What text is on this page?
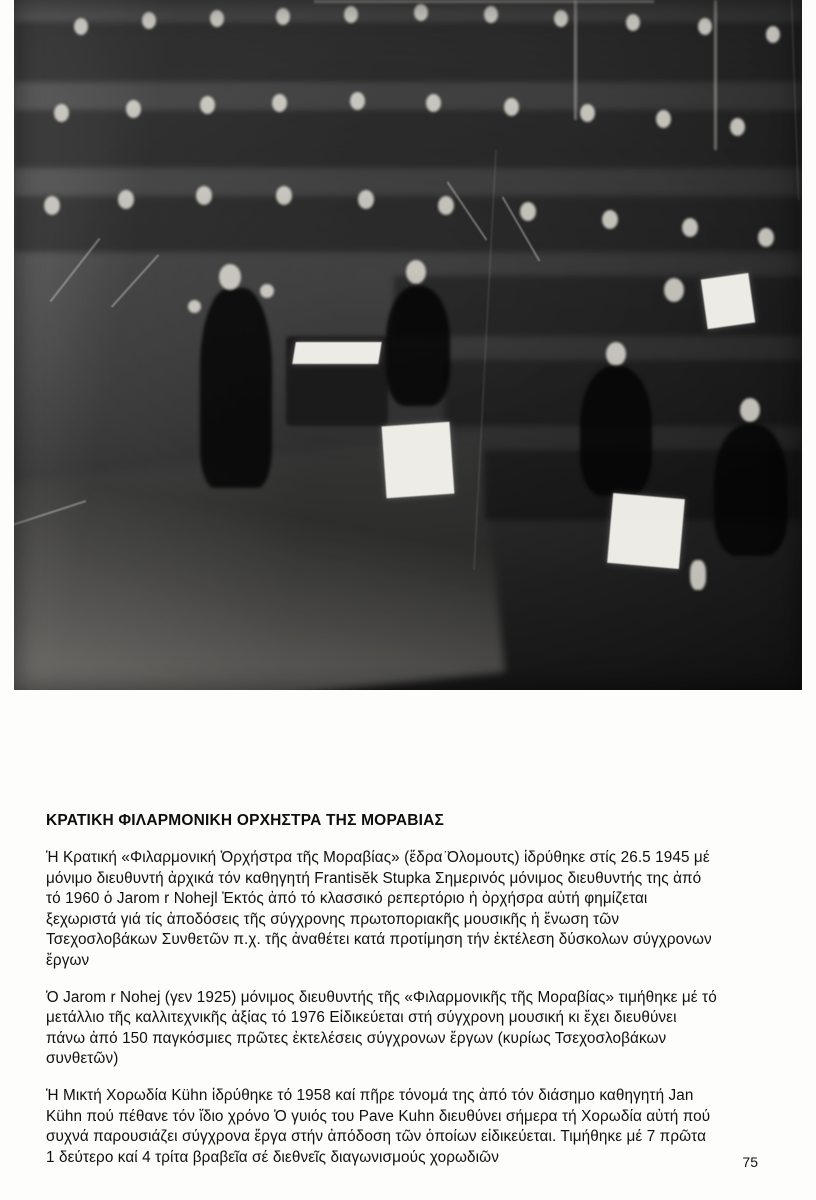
ΚΡΑΤΙΚΗ ΦΙΛΑΡΜΟΝΙΚΗ ΟΡΧΗΣΤΡΑ ΤΗΣ ΜΟΡΑΒΙΑΣ

Ἡ Κρατική «Φιλαρμονική Ὀρχήστρα τῆς Μοραβίας» (ἕδρα ̈Ολομουτς) ἱδρύθηκε στίς 26.5 1945 μέ μόνιμο διευθυντή ἀρχικά τόν καθηγητή Frantisĕk Stupka Σημερινός μόνιμος διευθυντής της ἀπό τό 1960 ὁ Jarom r Nohejl Ἐκτός ἀπό τό κλασσικό ρεπερτόριο ἡ ὀρχήσρα αὐτή φημίζεται ξεχωριστά γιά τίς ἀποδόσεις τῆς σύγχρονης πρωτοποριακῆς μουσικῆς ἡ ἕνωση τῶν Τσεχοσλοβάκων Συνθετῶν π.χ. τῆς ἀναθέτει κατά προτίμηση τήν ἐκτέλεση δύσκολων σύγχρονων ἔργων

Ὁ Jarom r Nohej (γεν 1925) μόνιμος διευθυντής τῆς «Φιλαρμονικῆς τῆς Μοραβίας» τιμήθηκε μέ τό μετάλλιο τῆς καλλιτεχνικῆς ἀξίας τό 1976 Εἰδικεύεται στή σύγχρονη μουσική κι ἔχει διευθύνει πάνω ἀπό 150 παγκόσμιες πρῶτες ἐκτελέσεις σύγχρονων ἔργων (κυρίως Τσεχοσλοβάκων συνθετῶν)

Ἡ Μικτή Χορωδία Kühn ἱδρύθηκε τό 1958 καί πῆρε τόνομά της ἀπό τόν διάσημο καθηγητή Jan Kühn πού πέθανε τόν ἴδιο χρόνο Ὁ γυιός του Pave Kuhn διευθύνει σήμερα τή Χορωδία αὐτή πού συχνά παρουσιάζει σύγχρονα ἔργα στήν ἀπόδοση τῶν ὁποίων εἰδικεύεται. Τιμήθηκε μέ 7 πρῶτα 1 δεύτερο καί 4 τρίτα βραβεῖα σέ διεθνεῖς διαγωνισμούς χορωδιῶν	75
